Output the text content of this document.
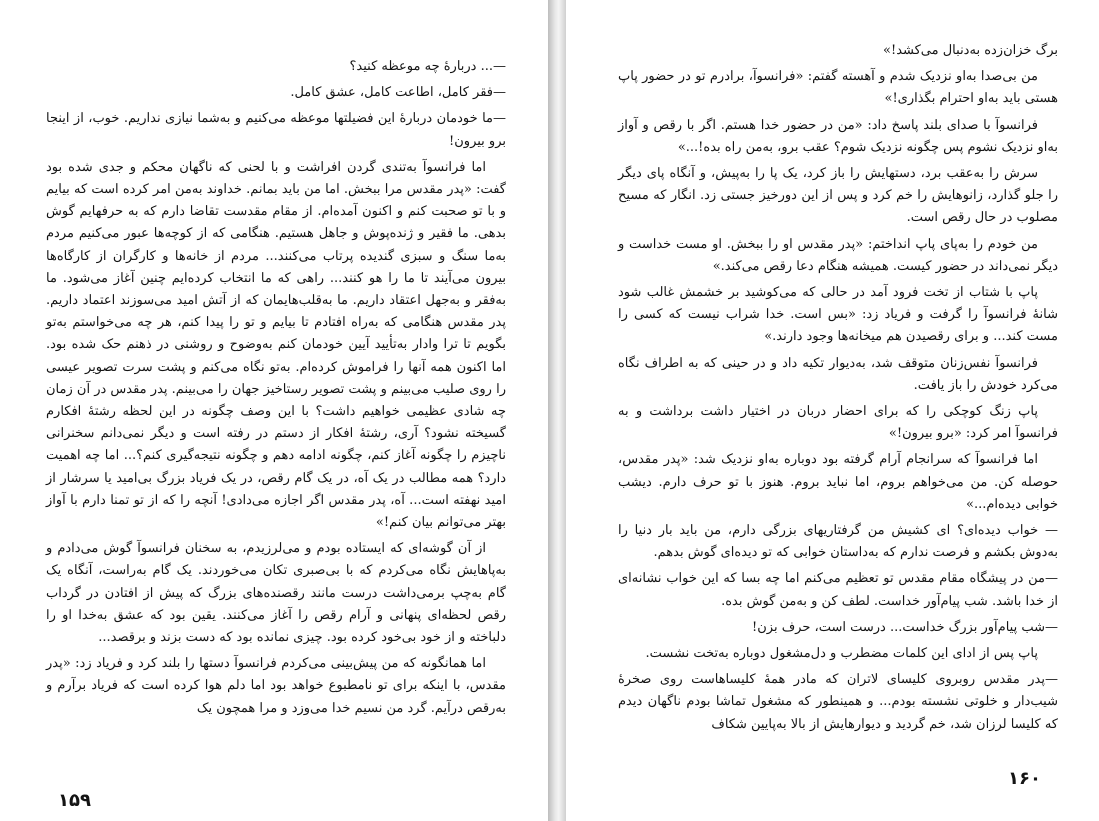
—... دربارهٔ چه موعظه کنید؟

—فقر کامل، اطاعت کامل، عشق کامل.

—ما خودمان دربارهٔ این فضیلتها موعظه می‌کنیم و به‌شما نیازی نداریم. خوب، از اینجا برو بیرون!

اما فرانسوآ به‌تندی گردن افراشت و با لحنی که ناگهان محکم و جدی شده بود گفت: «پدر مقدس مرا ببخش. اما من باید بمانم. خداوند به‌من امر کرده است که بیایم و با تو صحبت کنم و اکنون آمده‌ام. از مقام مقدست تقاضا دارم که به حرفهایم گوش بدهی. ما فقیر و ژنده‌پوش و جاهل هستیم. هنگامی که از کوچه‌ها عبور می‌کنیم مردم به‌ما سنگ و سبزی گندیده پرتاب می‌کنند... مردم از خانه‌ها و کارگران از کارگاه‌ها بیرون می‌آیند تا ما را هو کنند... راهی که ما انتخاب کرده‌ایم چنین آغاز می‌شود. ما به‌فقر و به‌جهل اعتقاد داریم. ما به‌قلب‌هایمان که از آتش امید می‌سوزند اعتماد داریم. پدر مقدس هنگامی که به‌راه افتادم تا بیایم و تو را پیدا کنم، هر چه می‌خواستم به‌تو بگویم تا ترا وادار به‌تأیید آیین خودمان کنم به‌وضوح و روشنی در ذهنم حک شده بود. اما اکنون همه آنها را فراموش کرده‌ام. به‌تو نگاه می‌کنم و پشت سرت تصویر عیسی را روی صلیب می‌بینم و پشت تصویر رستاخیز جهان را می‌بینم. پدر مقدس در آن زمان چه شادی عظیمی خواهیم داشت؟ با این وصف چگونه در این لحظه رشتهٔ افکارم گسیخته نشود؟ آری، رشتهٔ افکار از دستم در رفته است و دیگر نمی‌دانم سخنرانی ناچیزم را چگونه آغاز کنم، چگونه ادامه دهم و چگونه نتیجه‌گیری کنم؟... اما چه اهمیت دارد؟ همه مطالب در یک آه، در یک گام رقص، در یک فریاد بزرگ بی‌امید یا سرشار از امید نهفته است... آه، پدر مقدس اگر اجازه می‌دادی! آنچه را که از تو تمنا دارم با آواز بهتر می‌توانم بیان کنم!»

از آن گوشه‌ای که ایستاده بودم و می‌لرزیدم، به سخنان فرانسوآ گوش می‌دادم و به‌پاهایش نگاه می‌کردم که با بی‌صبری تکان می‌خوردند. یک گام به‌راست، آنگاه یک گام به‌چپ برمی‌داشت درست مانند رقصنده‌های بزرگ که پیش از افتادن در گرداب رقص لحظه‌ای پنهانی و آرام رقص را آغاز می‌کنند. یقین بود که عشق به‌خدا او را دلباخته و از خود بی‌خود کرده بود. چیزی نمانده بود که دست بزند و برقصد...

اما همانگونه که من پیش‌بینی می‌کردم فرانسوآ دستها را بلند کرد و فریاد زد: «پدر مقدس، با اینکه برای تو نامطبوع خواهد بود اما دلم هوا کرده است که فریاد برآرم و به‌رقص درآیم. گرد من نسیم خدا می‌وزد و مرا همچون یک

۱۵۹

برگ خزان‌زده به‌دنبال می‌کشد!»

من بی‌صدا به‌او نزدیک شدم و آهسته گفتم: «فرانسوآ، برادرم تو در حضور پاپ هستی باید به‌او احترام بگذاری!»

فرانسوآ با صدای بلند پاسخ داد: «من در حضور خدا هستم. اگر با رقص و آواز به‌او نزدیک نشوم پس چگونه نزدیک شوم؟ عقب برو، به‌من راه بده!...»

سرش را به‌عقب برد، دستهایش را باز کرد، یک پا را به‌پیش، و آنگاه پای دیگر را جلو گذارد، زانوهایش را خم کرد و پس از این دورخیز جستی زد. انگار که مسیح مصلوب در حال رقص است.

من خودم را به‌پای پاپ انداختم: «پدر مقدس او را ببخش. او مست خداست و دیگر نمی‌داند در حضور کیست. همیشه هنگام دعا رقص می‌کند.»

پاپ با شتاب از تخت فرود آمد در حالی که می‌کوشید بر خشمش غالب شود شانهٔ فرانسوآ را گرفت و فریاد زد: «بس است. خدا شراب نیست که کسی را مست کند... و برای رقصیدن هم میخانه‌ها وجود دارند.»

فرانسوآ نفس‌زنان متوقف شد، به‌دیوار تکیه داد و در حینی که به اطراف نگاه می‌کرد خودش را باز یافت.

پاپ زنگ کوچکی را که برای احضار دربان در اختیار داشت برداشت و به فرانسوآ امر کرد: «برو بیرون!»

اما فرانسوآ که سرانجام آرام گرفته بود دوباره به‌او نزدیک شد: «پدر مقدس، حوصله کن. من می‌خواهم بروم، اما نباید بروم. هنوز با تو حرف دارم. دیشب خوابی دیده‌ام...»

— خواب دیده‌ای؟ ای کشیش من گرفتاریهای بزرگی دارم، من باید بار دنیا را به‌دوش بکشم و فرصت ندارم که به‌داستان خوابی که تو دیده‌ای گوش بدهم.

—من در پیشگاه مقام مقدس تو تعظیم می‌کنم اما چه بسا که این خواب نشانه‌ای از خدا باشد. شب پیام‌آور خداست. لطف کن و به‌من گوش بده.

—شب پیام‌آور بزرگ خداست... درست است، حرف بزن!

پاپ پس از ادای این کلمات مضطرب و دل‌مشغول دوباره به‌تخت نشست.

—پدر مقدس روبروی کلیسای لاتران که مادر همهٔ کلیساهاست روی صخرهٔ شیب‌دار و خلوتی نشسته بودم... و همینطور که مشغول تماشا بودم ناگهان دیدم که کلیسا لرزان شد، خم گردید و دیوارهایش از بالا به‌پایین شکاف

۱۶۰
